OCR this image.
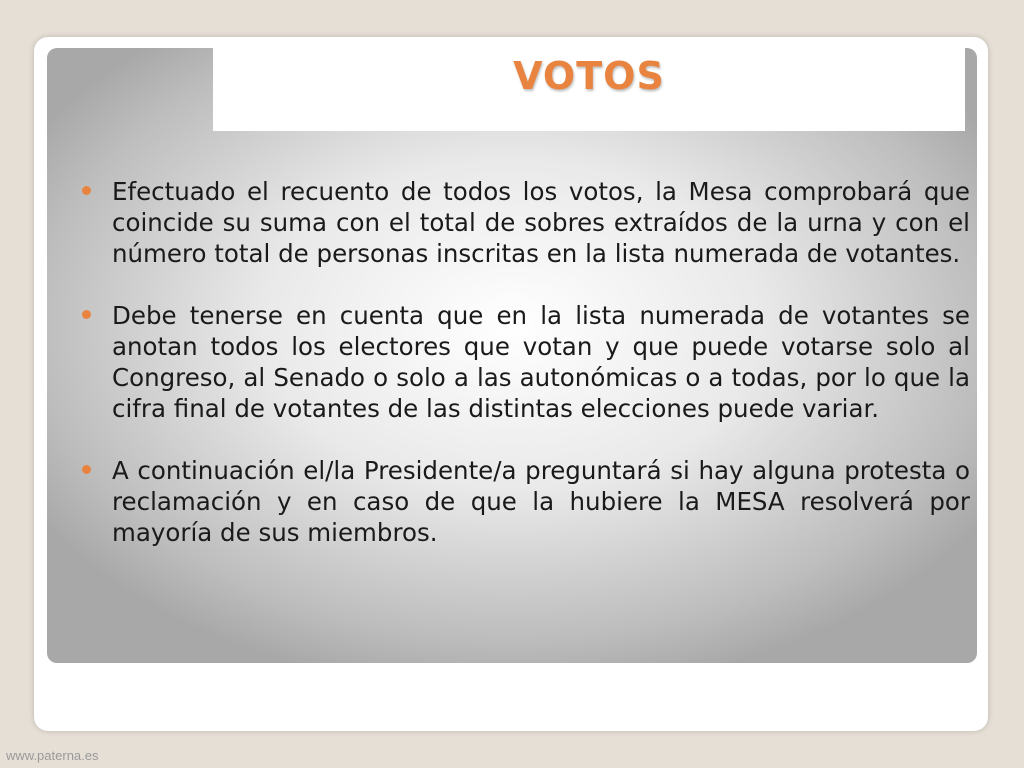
VOTOS
Efectuado el recuento de todos los votos, la Mesa comprobará que coincide su suma con el total de sobres extraídos de la urna y con el número total de personas inscritas en la lista numerada de votantes.
Debe tenerse en cuenta que en la lista numerada de votantes se anotan todos los electores que votan y que puede votarse solo al Congreso, al Senado o solo a las autonómicas o a todas, por lo que la cifra final de votantes de las distintas elecciones puede variar.
A continuación el/la Presidente/a preguntará si hay alguna protesta o reclamación y en caso de que la hubiere la MESA resolverá por mayoría de sus miembros.
www.paterna.es
